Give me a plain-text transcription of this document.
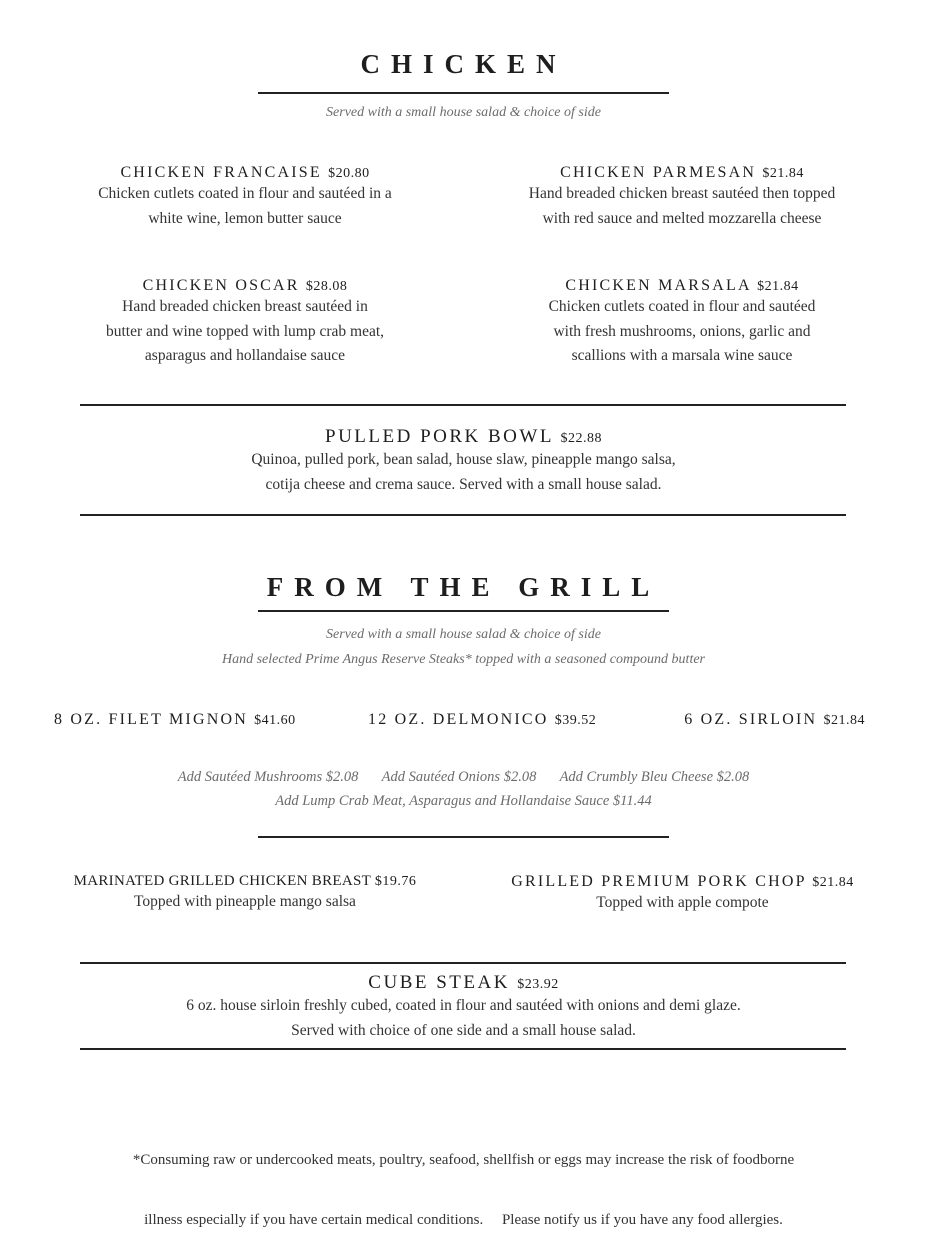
CHICKEN
Served with a small house salad & choice of side
CHICKEN FRANCAISE $20.80
Chicken cutlets coated in flour and sautéed in a
white wine, lemon butter sauce
CHICKEN PARMESAN $21.84
Hand breaded chicken breast sautéed then topped
with red sauce and melted mozzarella cheese
CHICKEN OSCAR $28.08
Hand breaded chicken breast sautéed in
butter and wine topped with lump crab meat,
asparagus and hollandaise sauce
CHICKEN MARSALA $21.84
Chicken cutlets coated in flour and sautéed
with fresh mushrooms, onions, garlic and
scallions with a marsala wine sauce
PULLED PORK BOWL $22.88
Quinoa, pulled pork, bean salad, house slaw, pineapple mango salsa,
cotija cheese and crema sauce. Served with a small house salad.
FROM THE GRILL
Served with a small house salad & choice of side
Hand selected Prime Angus Reserve Steaks* topped with a seasoned compound butter
8 OZ. FILET MIGNON $41.60	12 OZ. DELMONICO $39.52	6 OZ. SIRLOIN $21.84
Add Sautéed Mushrooms $2.08 Add Sautéed Onions $2.08 Add Crumbly Bleu Cheese $2.08
Add Lump Crab Meat, Asparagus and Hollandaise Sauce $11.44
MARINATED GRILLED CHICKEN BREAST $19.76
Topped with pineapple mango salsa
GRILLED PREMIUM PORK CHOP $21.84
Topped with apple compote
CUBE STEAK $23.92
6 oz. house sirloin freshly cubed, coated in flour and sautéed with onions and demi glaze.
Served with choice of one side and a small house salad.

*Consuming raw or undercooked meats, poultry, seafood, shellfish or eggs may increase the risk of foodborne

illness especially if you have certain medical conditions.     Please notify us if you have any food allergies.
